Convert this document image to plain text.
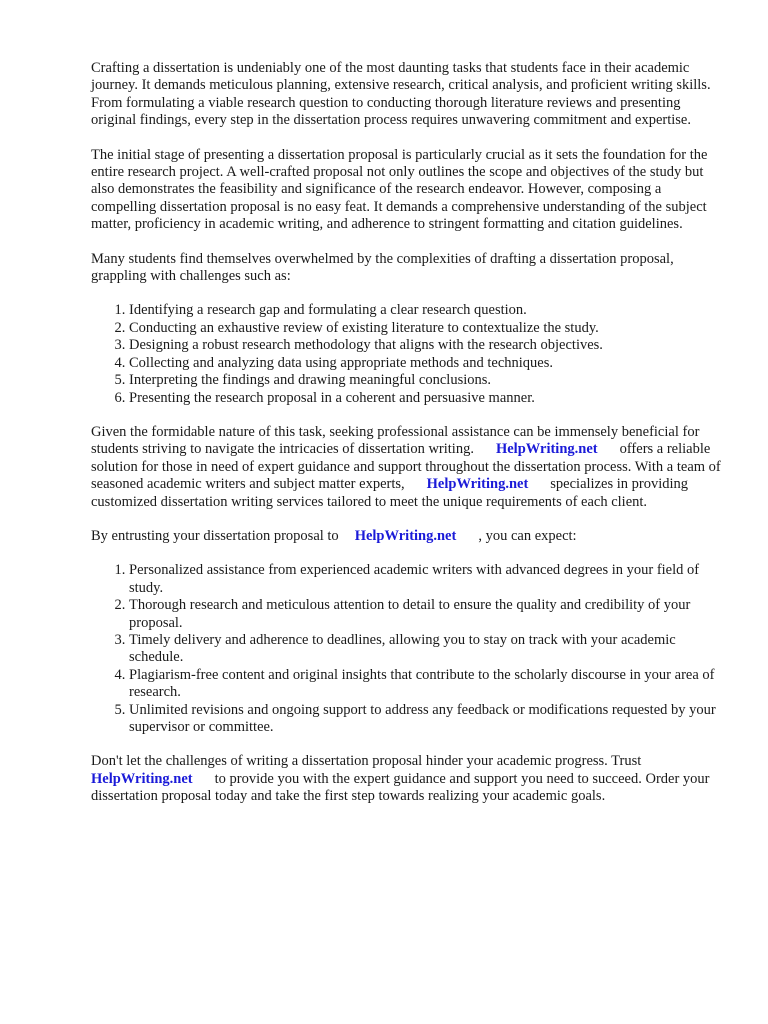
Crafting a dissertation is undeniably one of the most daunting tasks that students face in their academic journey. It demands meticulous planning, extensive research, critical analysis, and proficient writing skills. From formulating a viable research question to conducting thorough literature reviews and presenting original findings, every step in the dissertation process requires unwavering commitment and expertise.

The initial stage of presenting a dissertation proposal is particularly crucial as it sets the foundation for the entire research project. A well-crafted proposal not only outlines the scope and objectives of the study but also demonstrates the feasibility and significance of the research endeavor. However, composing a compelling dissertation proposal is no easy feat. It demands a comprehensive understanding of the subject matter, proficiency in academic writing, and adherence to stringent formatting and citation guidelines.

Many students find themselves overwhelmed by the complexities of drafting a dissertation proposal, grappling with challenges such as:

1. Identifying a research gap and formulating a clear research question.
2. Conducting an exhaustive review of existing literature to contextualize the study.
3. Designing a robust research methodology that aligns with the research objectives.
4. Collecting and analyzing data using appropriate methods and techniques.
5. Interpreting the findings and drawing meaningful conclusions.
6. Presenting the research proposal in a coherent and persuasive manner.

Given the formidable nature of this task, seeking professional assistance can be immensely beneficial for students striving to navigate the intricacies of dissertation writing. HelpWriting.net offers a reliable solution for those in need of expert guidance and support throughout the dissertation process. With a team of seasoned academic writers and subject matter experts, HelpWriting.net specializes in providing customized dissertation writing services tailored to meet the unique requirements of each client.

By entrusting your dissertation proposal to HelpWriting.net , you can expect:

1. Personalized assistance from experienced academic writers with advanced degrees in your field of study.
2. Thorough research and meticulous attention to detail to ensure the quality and credibility of your proposal.
3. Timely delivery and adherence to deadlines, allowing you to stay on track with your academic schedule.
4. Plagiarism-free content and original insights that contribute to the scholarly discourse in your area of research.
5. Unlimited revisions and ongoing support to address any feedback or modifications requested by your supervisor or committee.

Don't let the challenges of writing a dissertation proposal hinder your academic progress. Trust HelpWriting.net to provide you with the expert guidance and support you need to succeed. Order your dissertation proposal today and take the first step towards realizing your academic goals.
